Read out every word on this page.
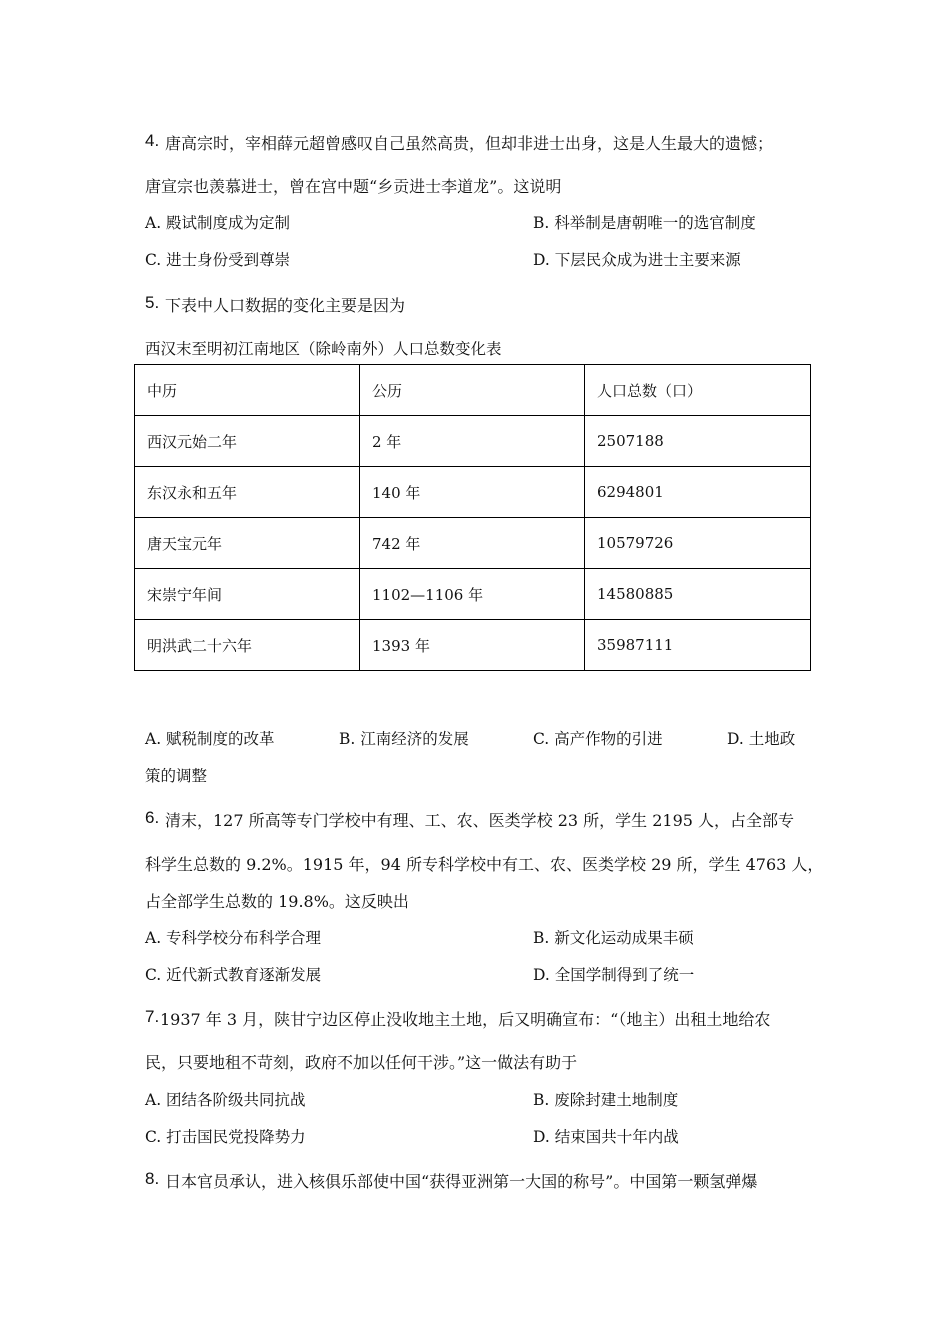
4. 唐高宗时，宰相薛元超曾感叹自己虽然高贵，但却非进士出身，这是人生最大的遗憾；
唐宣宗也羡慕进士，曾在宫中题“乡贡进士李道龙”。这说明
A. 殿试制度成为定制	B. 科举制是唐朝唯一的选官制度
C. 进士身份受到尊崇	D. 下层民众成为进士主要来源
5. 下表中人口数据的变化主要是因为
西汉末至明初江南地区（除岭南外）人口总数变化表
中历	公历	人口总数（口）
西汉元始二年	2 年	2507188
东汉永和五年	140 年	6294801
唐天宝元年	742 年	10579726
宋崇宁年间	1102—1106 年	14580885
明洪武二十六年	1393 年	35987111
A. 赋税制度的改革	B. 江南经济的发展	C. 高产作物的引进	D. 土地政
策的调整
6. 清末，127 所高等专门学校中有理、工、农、医类学校 23 所，学生 2195 人，占全部专
科学生总数的 9.2%。1915 年，94 所专科学校中有工、农、医类学校 29 所，学生 4763 人，
占全部学生总数的 19.8%。这反映出
A. 专科学校分布科学合理	B. 新文化运动成果丰硕
C. 近代新式教育逐渐发展	D. 全国学制得到了统一
7. 1937 年 3 月，陕甘宁边区停止没收地主土地，后又明确宣布：“（地主）出租土地给农
民，只要地租不苛刻，政府不加以任何干涉。”这一做法有助于
A. 团结各阶级共同抗战	B. 废除封建土地制度
C. 打击国民党投降势力	D. 结束国共十年内战
8. 日本官员承认，进入核俱乐部使中国“获得亚洲第一大国的称号”。中国第一颗氢弹爆
